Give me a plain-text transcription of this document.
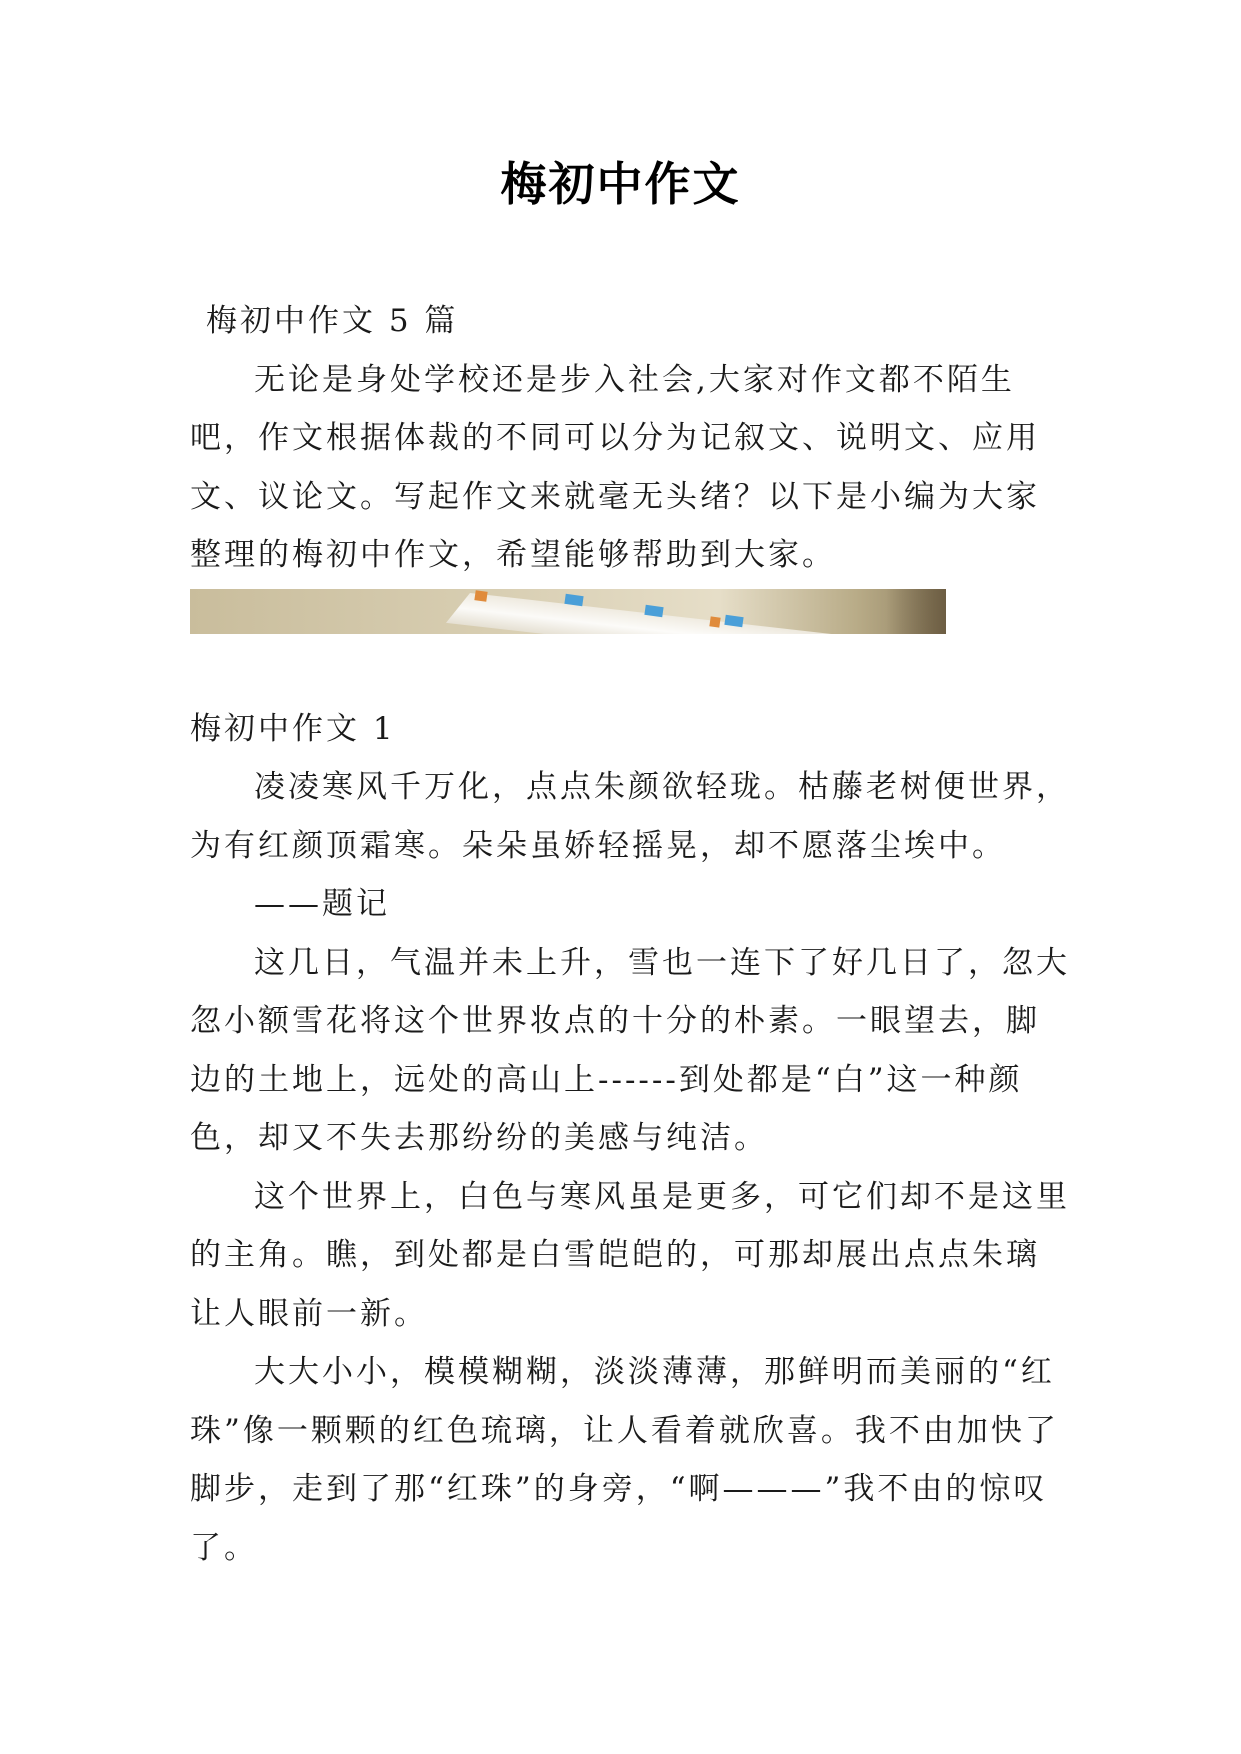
梅初中作文

梅初中作文 5 篇

无论是身处学校还是步入社会,大家对作文都不陌生吧，作文根据体裁的不同可以分为记叙文、说明文、应用文、议论文。写起作文来就毫无头绪？以下是小编为大家整理的梅初中作文，希望能够帮助到大家。

梅初中作文 1

凌凌寒风千万化，点点朱颜欲轻珑。枯藤老树便世界，为有红颜顶霜寒。朵朵虽娇轻摇晃，却不愿落尘埃中。

——题记

这几日，气温并未上升，雪也一连下了好几日了，忽大忽小额雪花将这个世界妆点的十分的朴素。一眼望去，脚边的土地上，远处的高山上------到处都是“白”这一种颜色，却又不失去那纷纷的美感与纯洁。

这个世界上，白色与寒风虽是更多，可它们却不是这里的主角。瞧，到处都是白雪皑皑的，可那却展出点点朱璃让人眼前一新。

大大小小，模模糊糊，淡淡薄薄，那鲜明而美丽的“红珠”像一颗颗的红色琉璃，让人看着就欣喜。我不由加快了脚步，走到了那“红珠”的身旁，“啊———”我不由的惊叹了。
